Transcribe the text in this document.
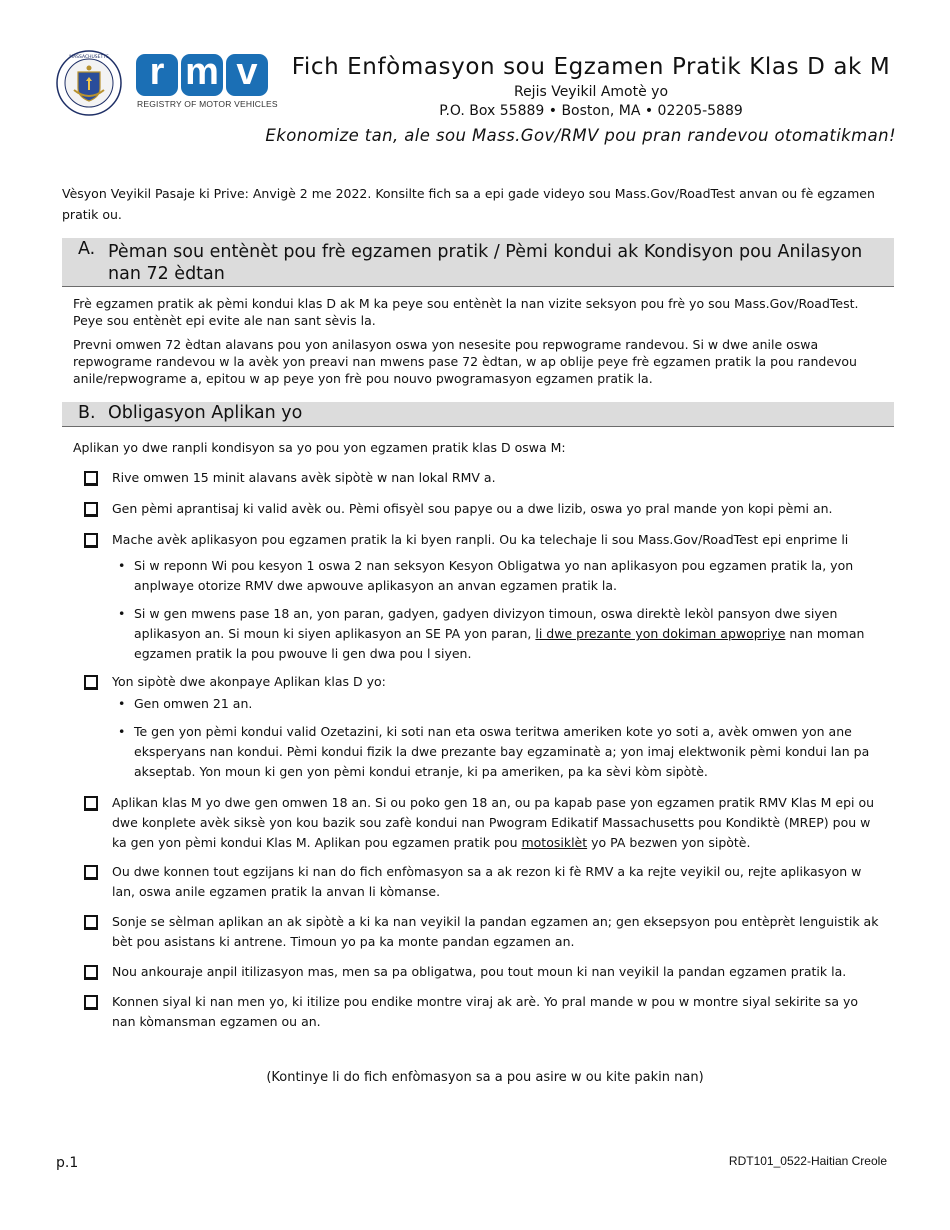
MASSACHUSETTS	r m v
REGISTRY OF MOTOR VEHICLES
Fich Enfòmasyon sou Egzamen Pratik Klas D ak M
Rejis Veyikil Amotè yo
P.O. Box 55889 • Boston, MA • 02205-5889
Ekonomize tan, ale sou Mass.Gov/RMV pou pran randevou otomatikman!
Vèsyon Veyikil Pasaje ki Prive: Anvigè 2 me 2022. Konsilte fich sa a epi gade videyo sou Mass.Gov/RoadTest anvan ou fè egzamen pratik ou.
A. Pèman sou entènèt pou frè egzamen pratik / Pèmi kondui ak Kondisyon pou Anilasyon nan 72 èdtan
Frè egzamen pratik ak pèmi kondui klas D ak M ka peye sou entènèt la nan vizite seksyon pou frè yo sou Mass.Gov/RoadTest. Peye sou entènèt epi evite ale nan sant sèvis la.
Prevni omwen 72 èdtan alavans pou yon anilasyon oswa yon nesesite pou repwograme randevou. Si w dwe anile oswa repwograme randevou w la avèk yon preavi nan mwens pase 72 èdtan, w ap oblije peye frè egzamen pratik la pou randevou anile/repwograme a, epitou w ap peye yon frè pou nouvo pwogramasyon egzamen pratik la.
B. Obligasyon Aplikan yo
Aplikan yo dwe ranpli kondisyon sa yo pou yon egzamen pratik klas D oswa M:
Rive omwen 15 minit alavans avèk sipòtè w nan lokal RMV a.
Gen pèmi aprantisaj ki valid avèk ou. Pèmi ofisyèl sou papye ou a dwe lizib, oswa yo pral mande yon kopi pèmi an.
Mache avèk aplikasyon pou egzamen pratik la ki byen ranpli. Ou ka telechaje li sou Mass.Gov/RoadTest epi enprime li
• Si w reponn Wi pou kesyon 1 oswa 2 nan seksyon Kesyon Obligatwa yo nan aplikasyon pou egzamen pratik la, yon anplwaye otorize RMV dwe apwouve aplikasyon an anvan egzamen pratik la.
• Si w gen mwens pase 18 an, yon paran, gadyen, gadyen divizyon timoun, oswa direktè lekòl pansyon dwe siyen aplikasyon an. Si moun ki siyen aplikasyon an SE PA yon paran, li dwe prezante yon dokiman apwopriye nan moman egzamen pratik la pou pwouve li gen dwa pou l siyen.
Yon sipòtè dwe akonpaye Aplikan klas D yo:
• Gen omwen 21 an.
• Te gen yon pèmi kondui valid Ozetazini, ki soti nan eta oswa teritwa ameriken kote yo soti a, avèk omwen yon ane eksperyans nan kondui. Pèmi kondui fizik la dwe prezante bay egzaminatè a; yon imaj elektwonik pèmi kondui lan pa akseptab. Yon moun ki gen yon pèmi kondui etranje, ki pa ameriken, pa ka sèvi kòm sipòtè.
Aplikan klas M yo dwe gen omwen 18 an. Si ou poko gen 18 an, ou pa kapab pase yon egzamen pratik RMV Klas M epi ou dwe konplete avèk siksè yon kou bazik sou zafè kondui nan Pwogram Edikatif Massachusetts pou Kondiktè (MREP) pou w ka gen yon pèmi kondui Klas M. Aplikan pou egzamen pratik pou motosiklèt yo PA bezwen yon sipòtè.
Ou dwe konnen tout egzijans ki nan do fich enfòmasyon sa a ak rezon ki fè RMV a ka rejte veyikil ou, rejte aplikasyon w lan, oswa anile egzamen pratik la anvan li kòmanse.
Sonje se sèlman aplikan an ak sipòtè a ki ka nan veyikil la pandan egzamen an; gen eksepsyon pou entèprèt lenguistik ak bèt pou asistans ki antrene. Timoun yo pa ka monte pandan egzamen an.
Nou ankouraje anpil itilizasyon mas, men sa pa obligatwa, pou tout moun ki nan veyikil la pandan egzamen pratik la.
Konnen siyal ki nan men yo, ki itilize pou endike montre viraj ak arè. Yo pral mande w pou w montre siyal sekirite sa yo nan kòmansman egzamen ou an.
(Kontinye li do fich enfòmasyon sa a pou asire w ou kite pakin nan)
p.1	RDT101_0522-Haitian Creole
